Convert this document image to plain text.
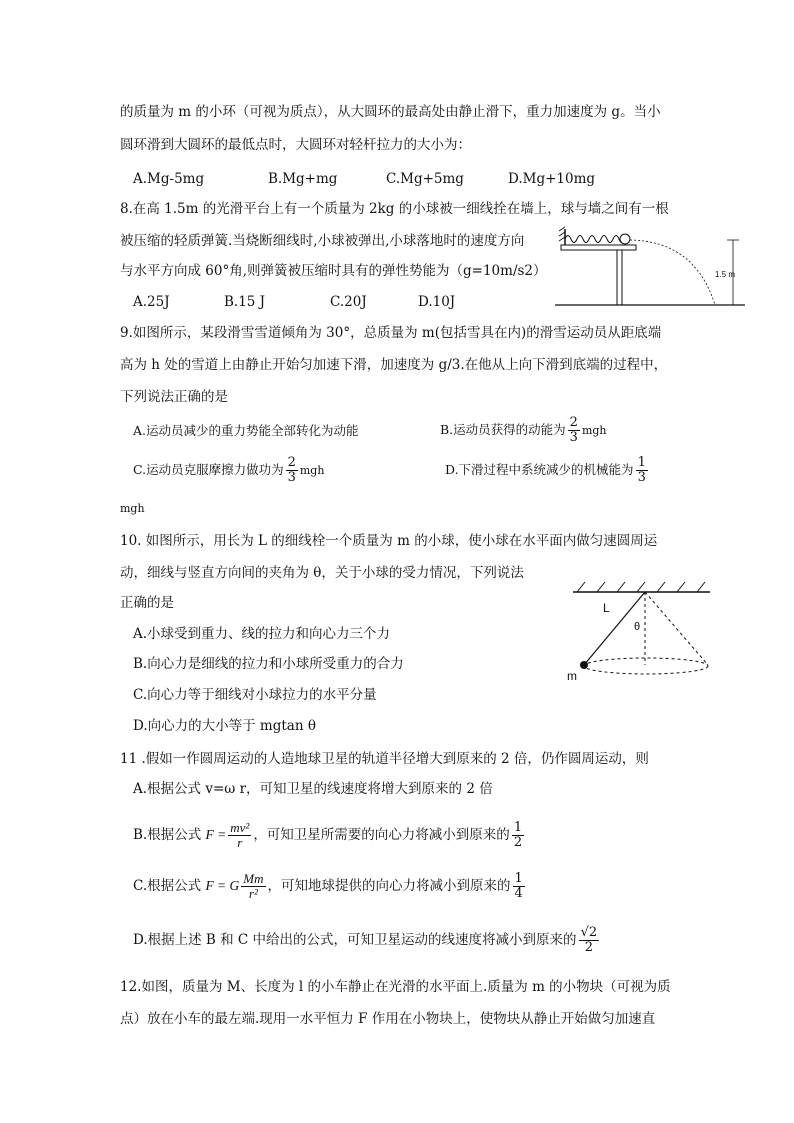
的质量为 m 的小环（可视为质点），从大圆环的最高处由静止滑下，重力加速度为 g。当小
圆环滑到大圆环的最低点时，大圆环对轻杆拉力的大小为：
A.Mg-5mg	B.Mg+mg	C.Mg+5mg	D.Mg+10mg
8.在高 1.5m 的光滑平台上有一个质量为 2kg 的小球被一细线拴在墙上，球与墙之间有一根
被压缩的轻质弹簧.当烧断细线时,小球被弹出,小球落地时的速度方向
与水平方向成 60°角,则弹簧被压缩时具有的弹性势能为（g=10m/s2）
A.25J	B.15 J	C.20J	D.10J
1.5 m
9.如图所示，某段滑雪雪道倾角为 30°，总质量为 m(包括雪具在内)的滑雪运动员从距底端
高为 h 处的雪道上由静止开始匀加速下滑，加速度为 g/3.在他从上向下滑到底端的过程中，
下列说法正确的是
A.运动员减少的重力势能全部转化为动能	B.运动员获得的动能为 $\frac{2}{3}$ mgh
C.运动员克服摩擦力做功为 $\frac{2}{3}$ mgh	D.下滑过程中系统减少的机械能为 $\frac{1}{3}$
mgh
10. 如图所示，用长为 L 的细线栓一个质量为 m 的小球，使小球在水平面内做匀速圆周运
动，细线与竖直方向间的夹角为 θ，关于小球的受力情况，下列说法
正确的是
A.小球受到重力、线的拉力和向心力三个力
B.向心力是细线的拉力和小球所受重力的合力
C.向心力等于细线对小球拉力的水平分量
D.向心力的大小等于 mgtan θ
L
θ
m
11 .假如一作圆周运动的人造地球卫星的轨道半径增大到原来的 2 倍，仍作圆周运动，则
A.根据公式 v=ω r，可知卫星的线速度将增大到原来的 2 倍
B.根据公式 $F = \frac{\text{mv²}}{r}$ ，可知卫星所需要的向心力将减小到原来的 $\frac{1}{2}$
C.根据公式 F = G $\frac{Mm}{\text{r²}}$ ，可知地球提供的向心力将减小到原来的 $\frac{1}{4}$
D.根据上述 B 和 C 中给出的公式，可知卫星运动的线速度将减小到原来的 $\frac{√2}{2}$
12.如图，质量为 M、长度为 l 的小车静止在光滑的水平面上.质量为 m 的小物块（可视为质
点）放在小车的最左端.现用一水平恒力 F 作用在小物块上，使物块从静止开始做匀加速直
